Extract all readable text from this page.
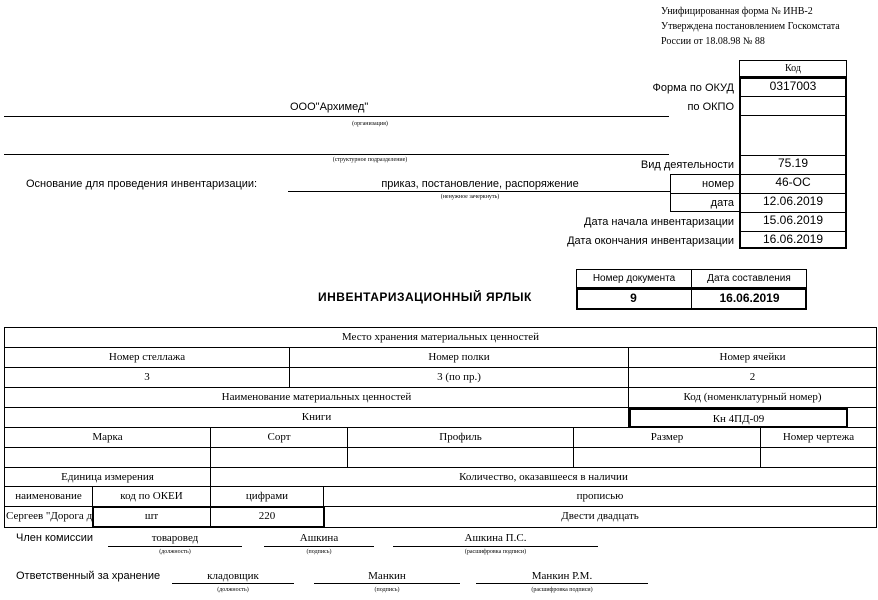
Унифицированная форма № ИНВ-2
Утверждена постановлением Госкомстата
России от 18.08.98 № 88
Код
0317003
75.19
46-ОС
12.06.2019
15.06.2019
16.06.2019
Форма по ОКУД
по ОКПО
Вид деятельности
номер
дата
Дата начала инвентаризации
Дата окончания инвентаризации
ООО"Архимед"
(организация)
(структурное подразделение)
Основание для проведения инвентаризации:	приказ, постановление, распоряжение
(ненужное зачеркнуть)
ИНВЕНТАРИЗАЦИОННЫЙ ЯРЛЫК
Номер документа	Дата составления
9	16.06.2019
Место хранения материальных ценностей
Номер стеллажа	Номер полки	Номер ячейки
3	3 (по пр.)	2
Наименование материальных ценностей	Код (номенклатурный номер)
Книги	Кн 4ПД-09
Марка	Сорт	Профиль	Размер	Номер чертежа
Единица измерения	Количество, оказавшееся в наличии
наименование	код по ОКЕИ	цифрами	прописью
Сергеев "Дорога д	шт	220	Двести двадцать
Член комиссии	товаровед
(должность)
Ашкина
(подпись)
Ашкина П.С.
(расшифровка подписи)
Ответственный за хранение	кладовщик
(должность)
Манкин
(подпись)
Манкин Р.М.
(расшифровка подписи)
